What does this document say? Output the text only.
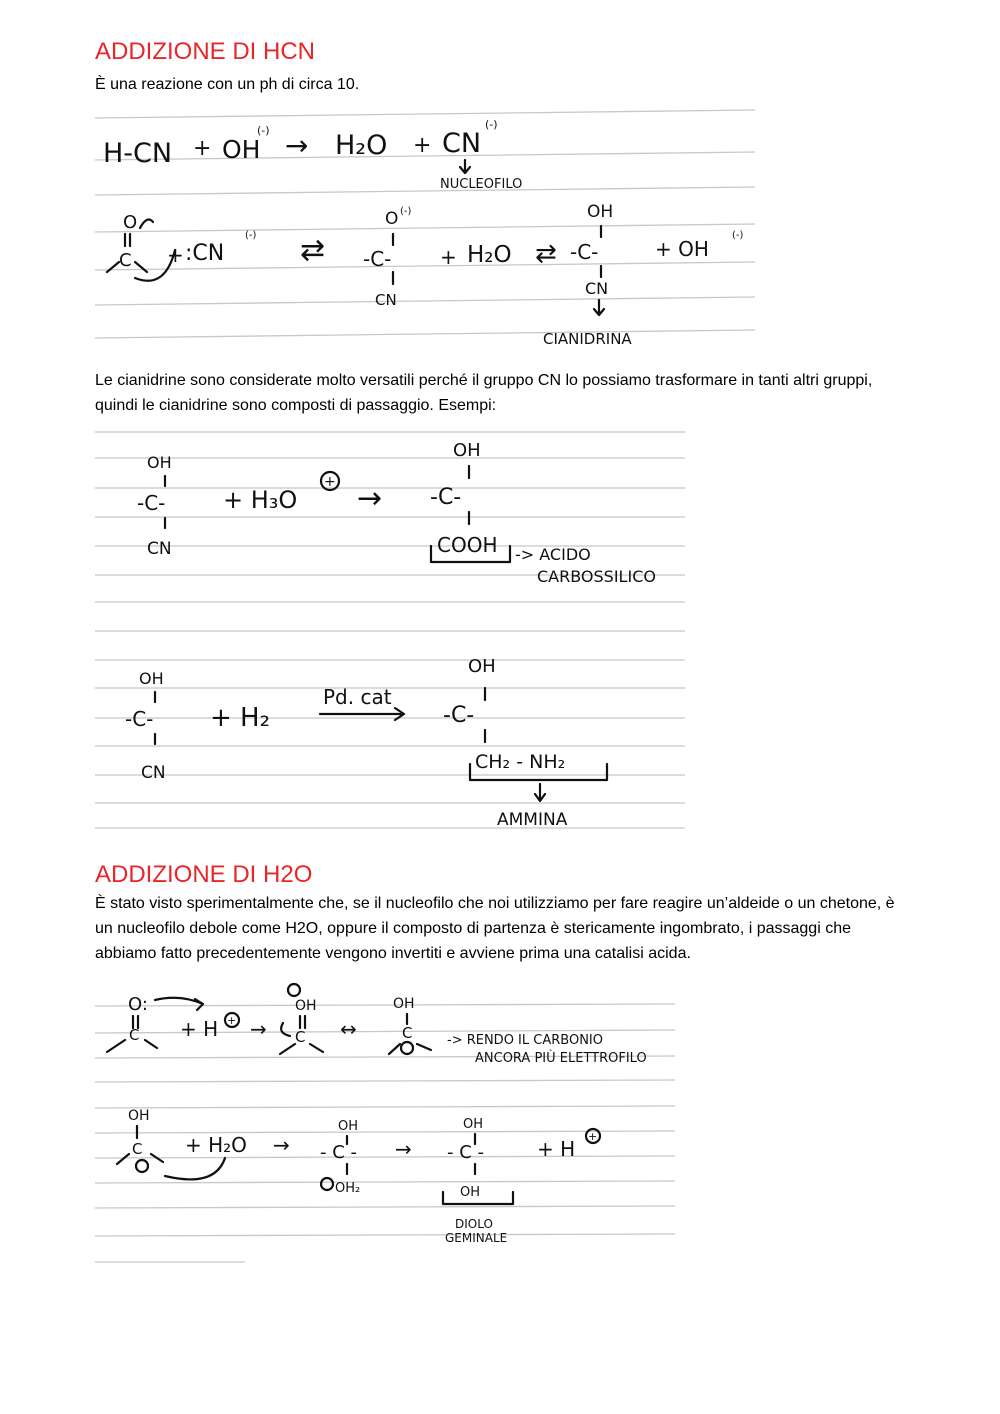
ADDIZIONE DI HCN

È una reazione con un ph di circa 10.

H-CN + OH
(-) → H₂O + CN
(-)
NUCLEOFILO
O
C + :CN
(-) ⇄
O (-)
-C-
CN
+ H₂O ⇄
OH
-C-
CN
+ OH
(-)
CIANIDRINA

Le cianidrine sono considerate molto versatili perché il gruppo CN lo possiamo trasformare in tanti altri gruppi, quindi le cianidrine sono composti di passaggio. Esempi:

OH
-C-
CN
+ H₃O
+ →
OH
-C-
COOH -> ACIDO
CARBOSSILICO
OH
-C-
CN
+ H₂
Pd. cat
OH
-C-
CH₂ - NH₂
AMMINA
ADDIZIONE DI H2O

È stato visto sperimentalmente che, se il nucleofilo che noi utilizziamo per fare reagire un’aldeide o un chetone, è un nucleofilo debole come H2O, oppure il composto di partenza è stericamente ingombrato, i passaggi che abbiamo fatto precedentemente vengono invertiti e avviene prima una catalisi acida.

O:
C + H + →
OH
C ↔
OH
C	-> RENDO IL CARBONIO
ANCORA PIÙ ELETTROFILO
OH
C + H₂O →
OH
- C -
OH₂
→
OH
- C -
OH
+ H
+
DIOLO
GEMINALE
